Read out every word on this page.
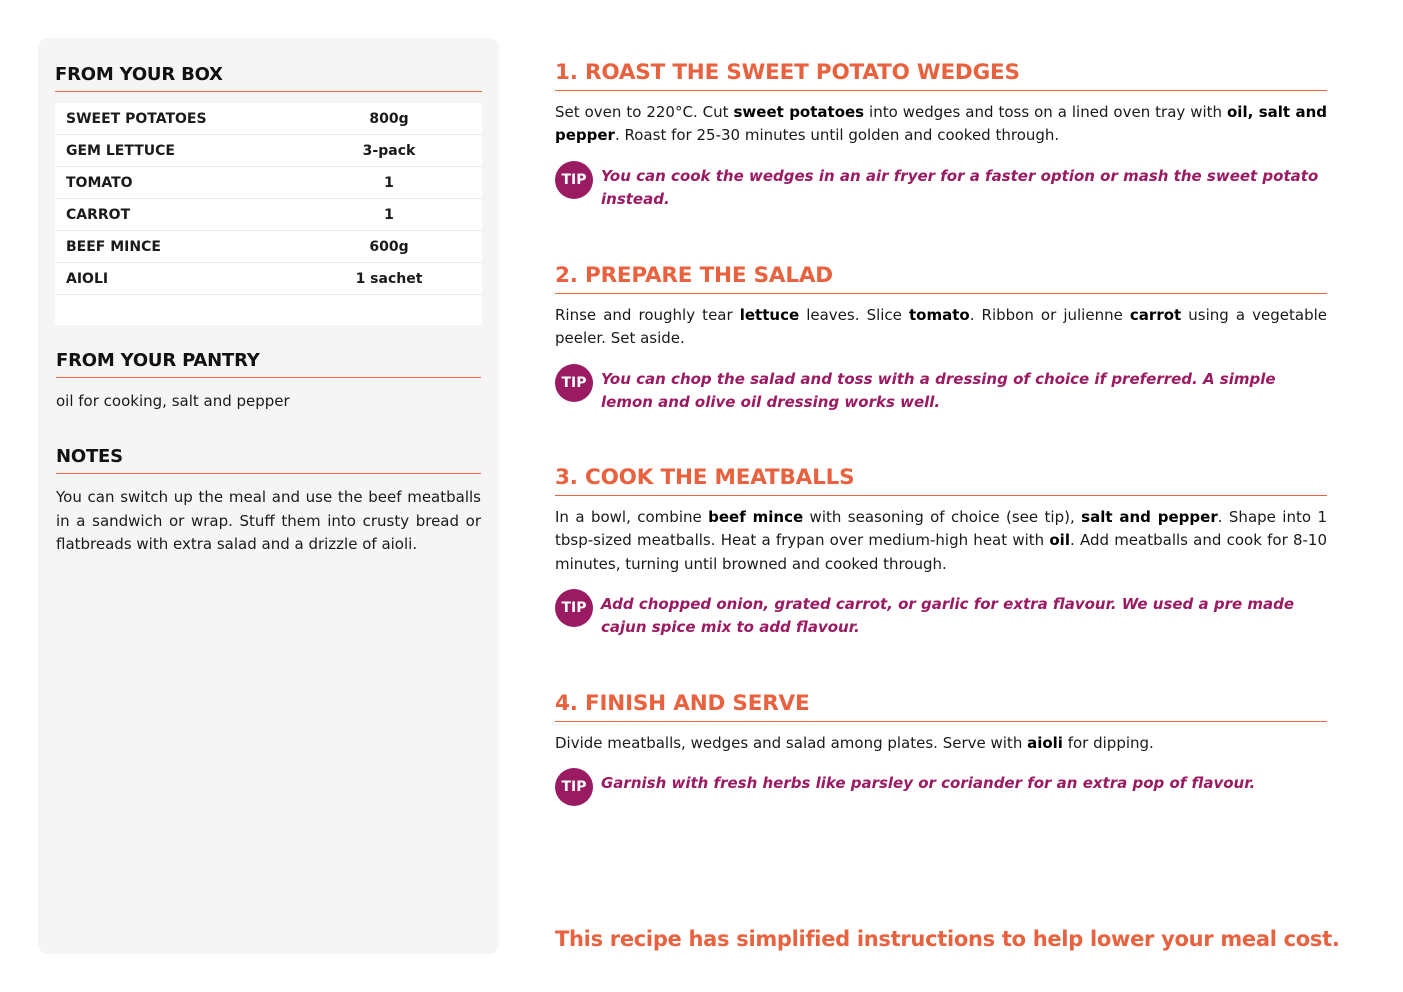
FROM YOUR BOX
SWEET POTATOES	800g
GEM LETTUCE	3-pack
TOMATO	1
CARROT	1
BEEF MINCE	600g
AIOLI	1 sachet

FROM YOUR PANTRY

oil for cooking, salt and pepper

NOTES

You can switch up the meal and use the beef meatballs in a sandwich or wrap. Stuff them into crusty bread or flatbreads with extra salad and a drizzle of aioli.

1. ROAST THE SWEET POTATO WEDGES

Set oven to 220°C. Cut sweet potatoes into wedges and toss on a lined oven tray with oil, salt and pepper. Roast for 25-30 minutes until golden and cooked through.

TIP You can cook the wedges in an air fryer for a faster option or mash the sweet potato instead.
2. PREPARE THE SALAD

Rinse and roughly tear lettuce leaves. Slice tomato. Ribbon or julienne carrot using a vegetable peeler. Set aside.

TIP You can chop the salad and toss with a dressing of choice if preferred. A simple lemon and olive oil dressing works well.
3. COOK THE MEATBALLS

In a bowl, combine beef mince with seasoning of choice (see tip), salt and pepper. Shape into 1 tbsp-sized meatballs. Heat a frypan over medium-high heat with oil. Add meatballs and cook for 8-10 minutes, turning until browned and cooked through.

TIP Add chopped onion, grated carrot, or garlic for extra flavour. We used a pre made cajun spice mix to add flavour.
4. FINISH AND SERVE

Divide meatballs, wedges and salad among plates. Serve with aioli for dipping.

TIP Garnish with fresh herbs like parsley or coriander for an extra pop of flavour.

This recipe has simplified instructions to help lower your meal cost.
